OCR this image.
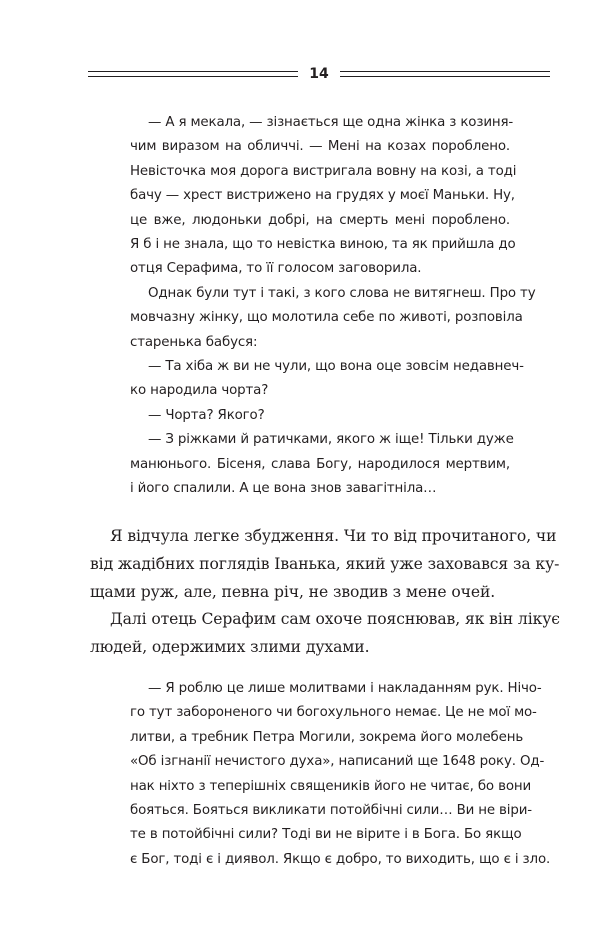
14

— А я мекала, — зізнається ще одна жінка з козиня-
чим виразом на обличчі. — Мені на козах пороблено.
Невісточка моя дорога вистригала вовну на козі, а тоді
бачу — хрест вистрижено на грудях у моєї Маньки. Ну,
це вже, людоньки добрі, на смерть мені пороблено.
Я б і не знала, що то невістка виною, та як прийшла до
отця Серафима, то її голосом заговорила.

Однак були тут і такі, з кого слова не витягнеш. Про ту
мовчазну жінку, що молотила себе по животі, розповіла
старенька бабуся:

— Та хіба ж ви не чули, що вона оце зовсім недавнеч-
ко народила чорта?

— Чорта? Якого?

— З ріжками й ратичками, якого ж іще! Тільки дуже
манюнього. Бісеня, слава Богу, народилося мертвим,
і його спалили. А це вона знов завагітніла…

Я відчула легке збудження. Чи то від прочитаного, чи
від жадібних поглядів Іванька, який уже заховався за ку-
щами руж, але, певна річ, не зводив з мене очей.

Далі отець Серафим сам охоче пояснював, як він лікує
людей, одержимих злими духами.

— Я роблю це лише молитвами і накладанням рук. Нічо-
го тут забороненого чи богохульного немає. Це не мої мо-
литви, а требник Петра Могили, зокрема його молебень
«Об ізгнанії нечистого духа», написаний ще 1648 року. Од-
нак ніхто з теперішніх священиків його не читає, бо вони
бояться. Бояться викликати потойбічні сили… Ви не віри-
те в потойбічні сили? Тоді ви не вірите і в Бога. Бо якщо
є Бог, тоді є і диявол. Якщо є добро, то виходить, що є і зло.
